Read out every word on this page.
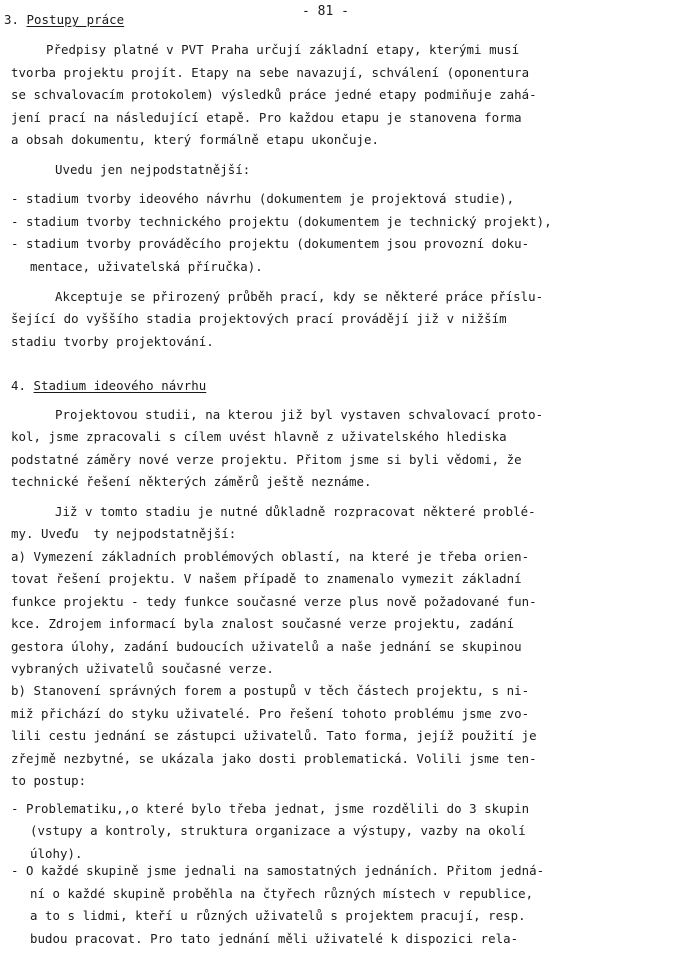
- 81 -
3. Postupy práce
Předpisy platné v PVT Praha určují základní etapy, kterými musí
tvorba projektu projít. Etapy na sebe navazují, schválení (oponentura
se schvalovacím protokolem) výsledků práce jedné etapy podmiňuje zahá-
jení prací na následující etapě. Pro každou etapu je stanovena forma
a obsah dokumentu, který formálně etapu ukončuje.
Uvedu jen nejpodstatnější:
- stadium tvorby ideového návrhu (dokumentem je projektová studie),
- stadium tvorby technického projektu (dokumentem je technický projekt),
- stadium tvorby prováděcího projektu (dokumentem jsou provozní doku-
mentace, uživatelská příručka).
Akceptuje se přirozený průběh prací, kdy se některé práce příslu-
šející do vyššího stadia projektových prací provádějí již v nižším
stadiu tvorby projektování.
4. Stadium ideového návrhu
Projektovou studii, na kterou již byl vystaven schvalovací proto-
kol, jsme zpracovali s cílem uvést hlavně z uživatelského hlediska
podstatné záměry nové verze projektu. Přitom jsme si byli vědomi, že
technické řešení některých záměrů ještě neznáme.
Již v tomto stadiu je nutné důkladně rozpracovat některé problé-
my. Uveďu  ty nejpodstatnější:
a) Vymezení základních problémových oblastí, na které je třeba orien-
tovat řešení projektu. V našem případě to znamenalo vymezit základní
funkce projektu - tedy funkce současné verze plus nově požadované fun-
kce. Zdrojem informací byla znalost současné verze projektu, zadání
gestora úlohy, zadání budoucích uživatelů a naše jednání se skupinou
vybraných uživatelů současné verze.
b) Stanovení správných forem a postupů v těch částech projektu, s ni-
miž přichází do styku uživatelé. Pro řešení tohoto problému jsme zvo-
lili cestu jednání se zástupci uživatelů. Tato forma, jejíž použití je
zřejmě nezbytné, se ukázala jako dosti problematická. Volili jsme ten-
to postup:
- Problematiku,,o které bylo třeba jednat, jsme rozdělili do 3 skupin
(vstupy a kontroly, struktura organizace a výstupy, vazby na okolí
úlohy).
- O každé skupině jsme jednali na samostatných jednáních. Přitom jedná-
ní o každé skupině proběhla na čtyřech různých místech v republice,
a to s lidmi, kteří u různých uživatelů s projektem pracují, resp.
budou pracovat. Pro tato jednání měli uživatelé k dispozici rela-
